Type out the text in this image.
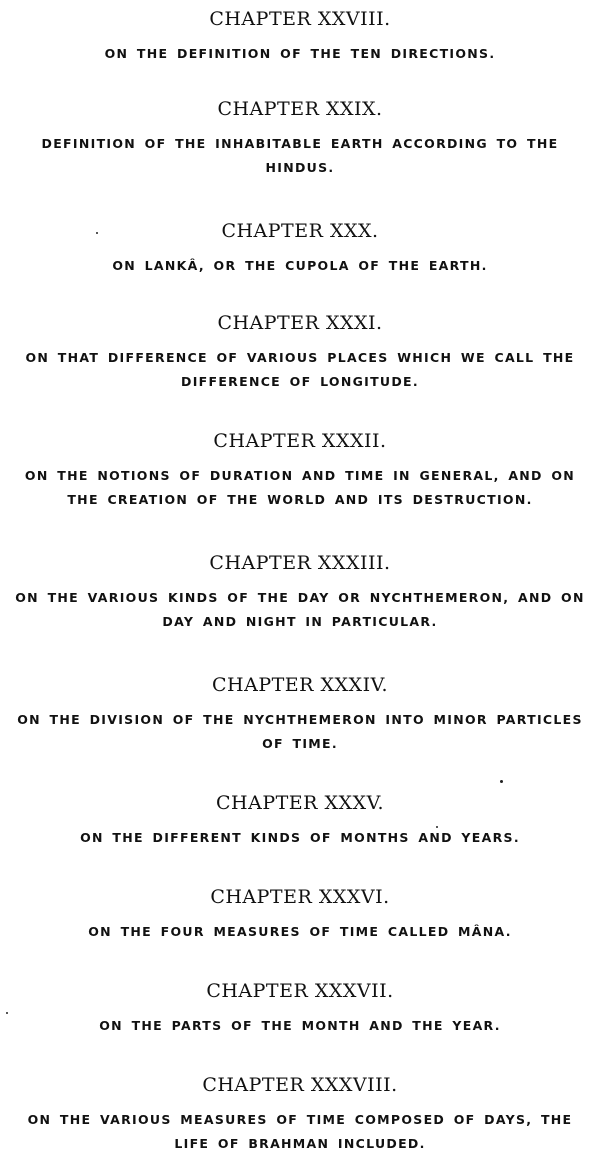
CHAPTER XXVIII.

ON THE DEFINITION OF THE TEN DIRECTIONS.

CHAPTER XXIX.

DEFINITION OF THE INHABITABLE EARTH ACCORDING TO THE HINDUS.

CHAPTER XXX.

ON LANKÂ, OR THE CUPOLA OF THE EARTH.

CHAPTER XXXI.

ON THAT DIFFERENCE OF VARIOUS PLACES WHICH WE CALL THE DIFFERENCE OF LONGITUDE.

CHAPTER XXXII.

ON THE NOTIONS OF DURATION AND TIME IN GENERAL, AND ON THE CREATION OF THE WORLD AND ITS DESTRUCTION.

CHAPTER XXXIII.

ON THE VARIOUS KINDS OF THE DAY OR NYCHTHEMERON, AND ON DAY AND NIGHT IN PARTICULAR.

CHAPTER XXXIV.

ON THE DIVISION OF THE NYCHTHEMERON INTO MINOR PARTICLES OF TIME.

CHAPTER XXXV.

ON THE DIFFERENT KINDS OF MONTHS AND YEARS.

CHAPTER XXXVI.

ON THE FOUR MEASURES OF TIME CALLED MÂNA.

CHAPTER XXXVII.

ON THE PARTS OF THE MONTH AND THE YEAR.

CHAPTER XXXVIII.

ON THE VARIOUS MEASURES OF TIME COMPOSED OF DAYS, THE LIFE OF BRAHMAN INCLUDED.
